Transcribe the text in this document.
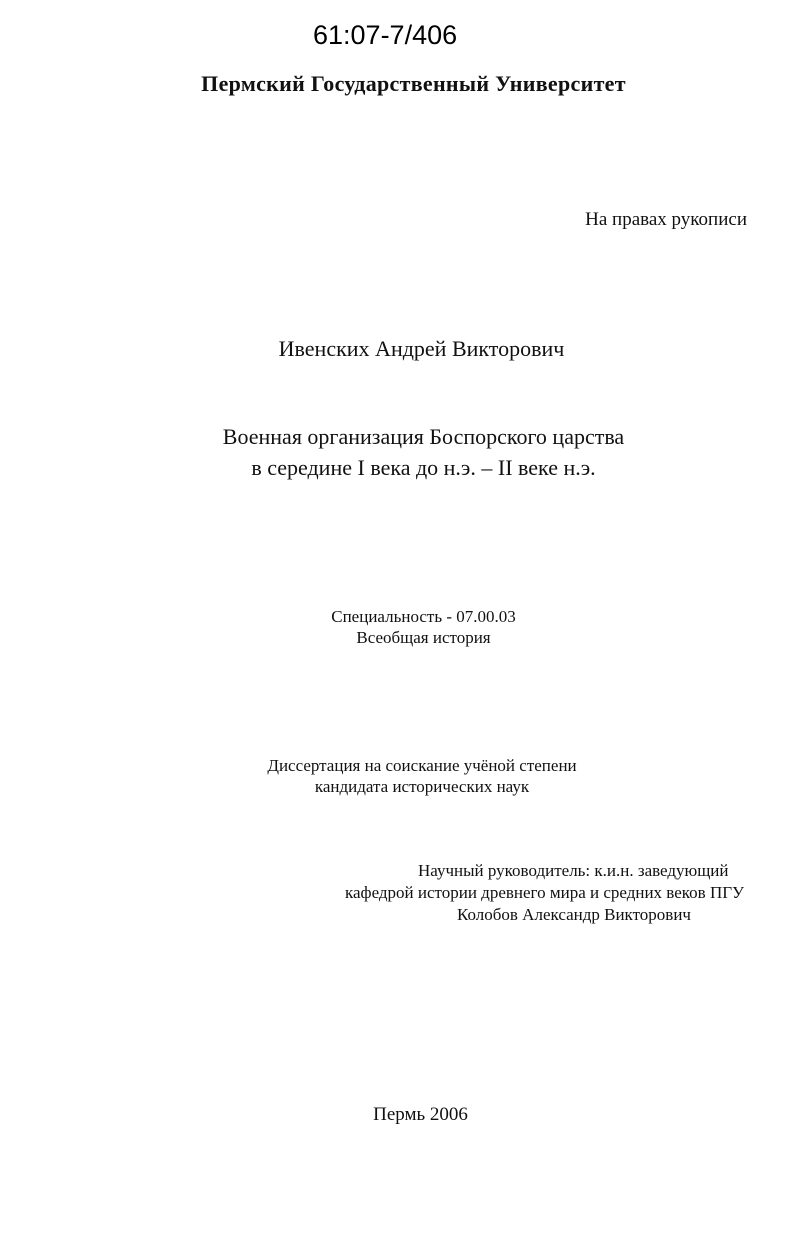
61:07-7/406
Пермский Государственный Университет
На правах рукописи
Ивенских Андрей Викторович
Военная организация Боспорского царства
в середине I века до н.э. – II веке н.э.
Специальность - 07.00.03
Всеобщая история
Диссертация на соискание учёной степени
кандидата исторических наук
Научный руководитель: к.и.н. заведующий
кафедрой истории древнего мира и средних веков ПГУ
Колобов Александр Викторович
Пермь 2006
